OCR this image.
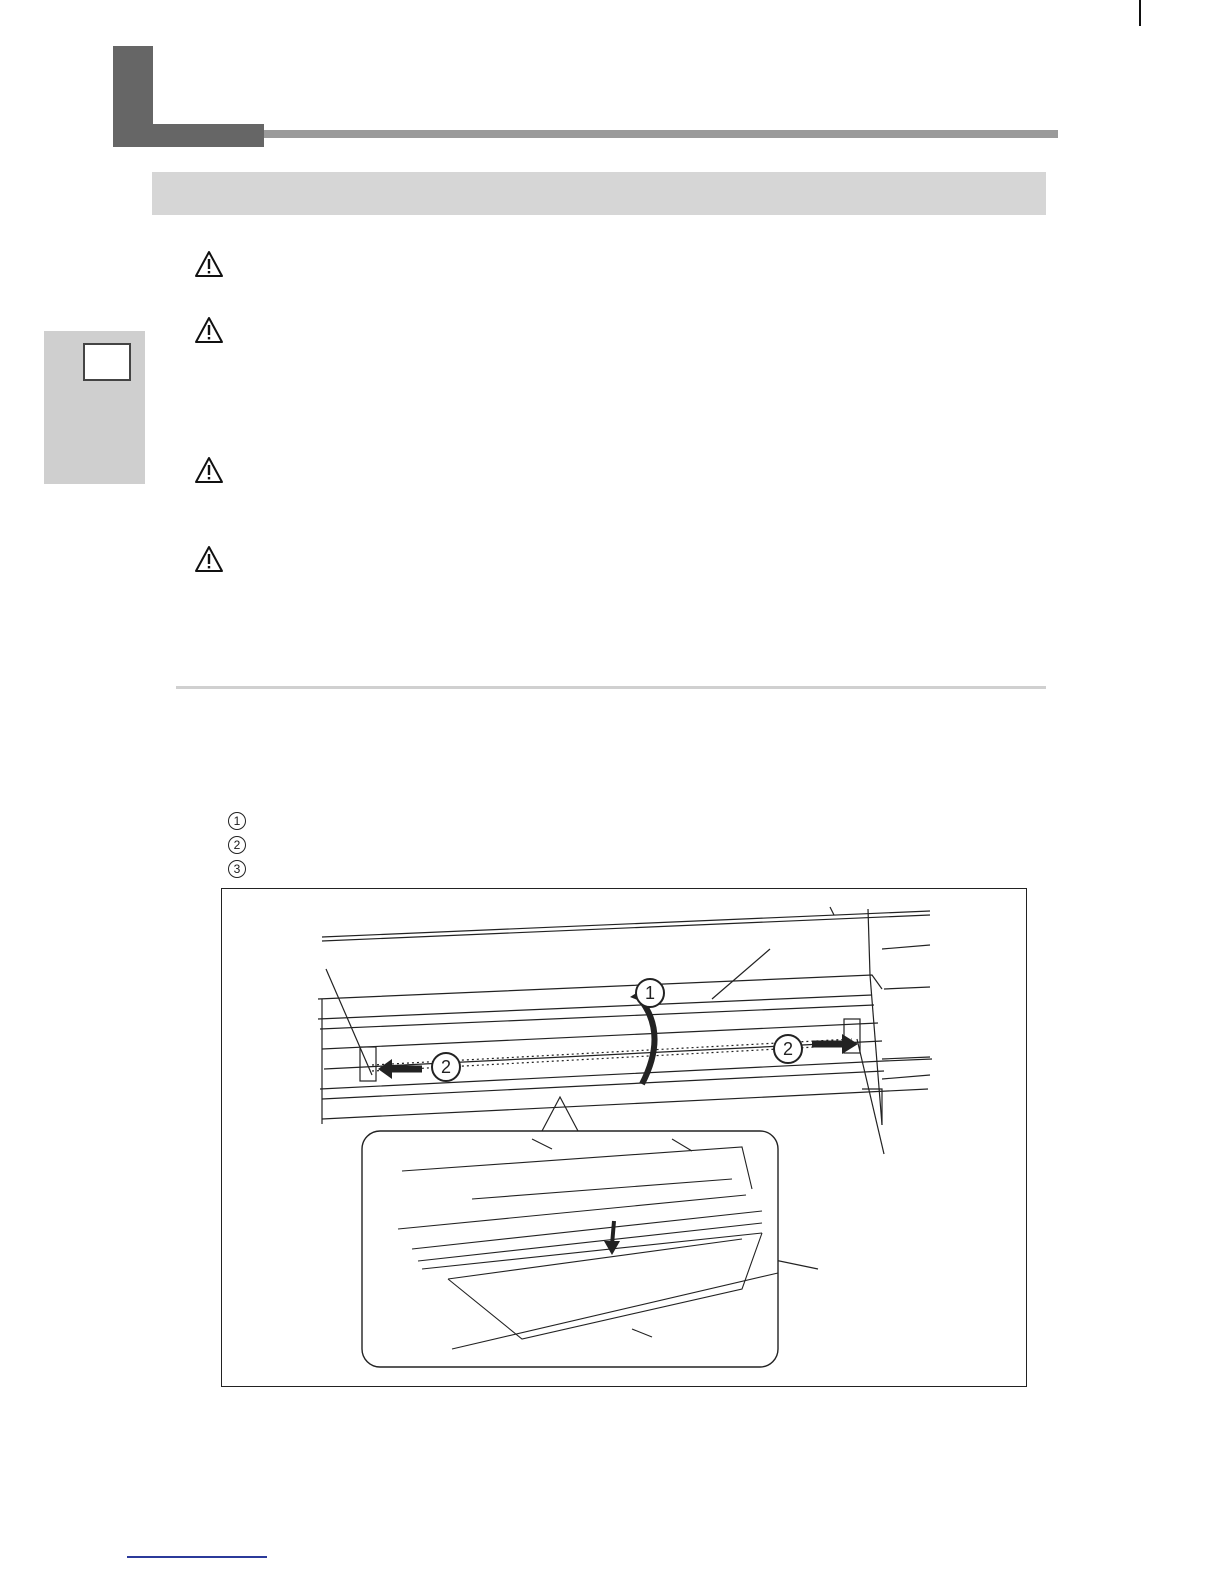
1
2
3
1
2
2
